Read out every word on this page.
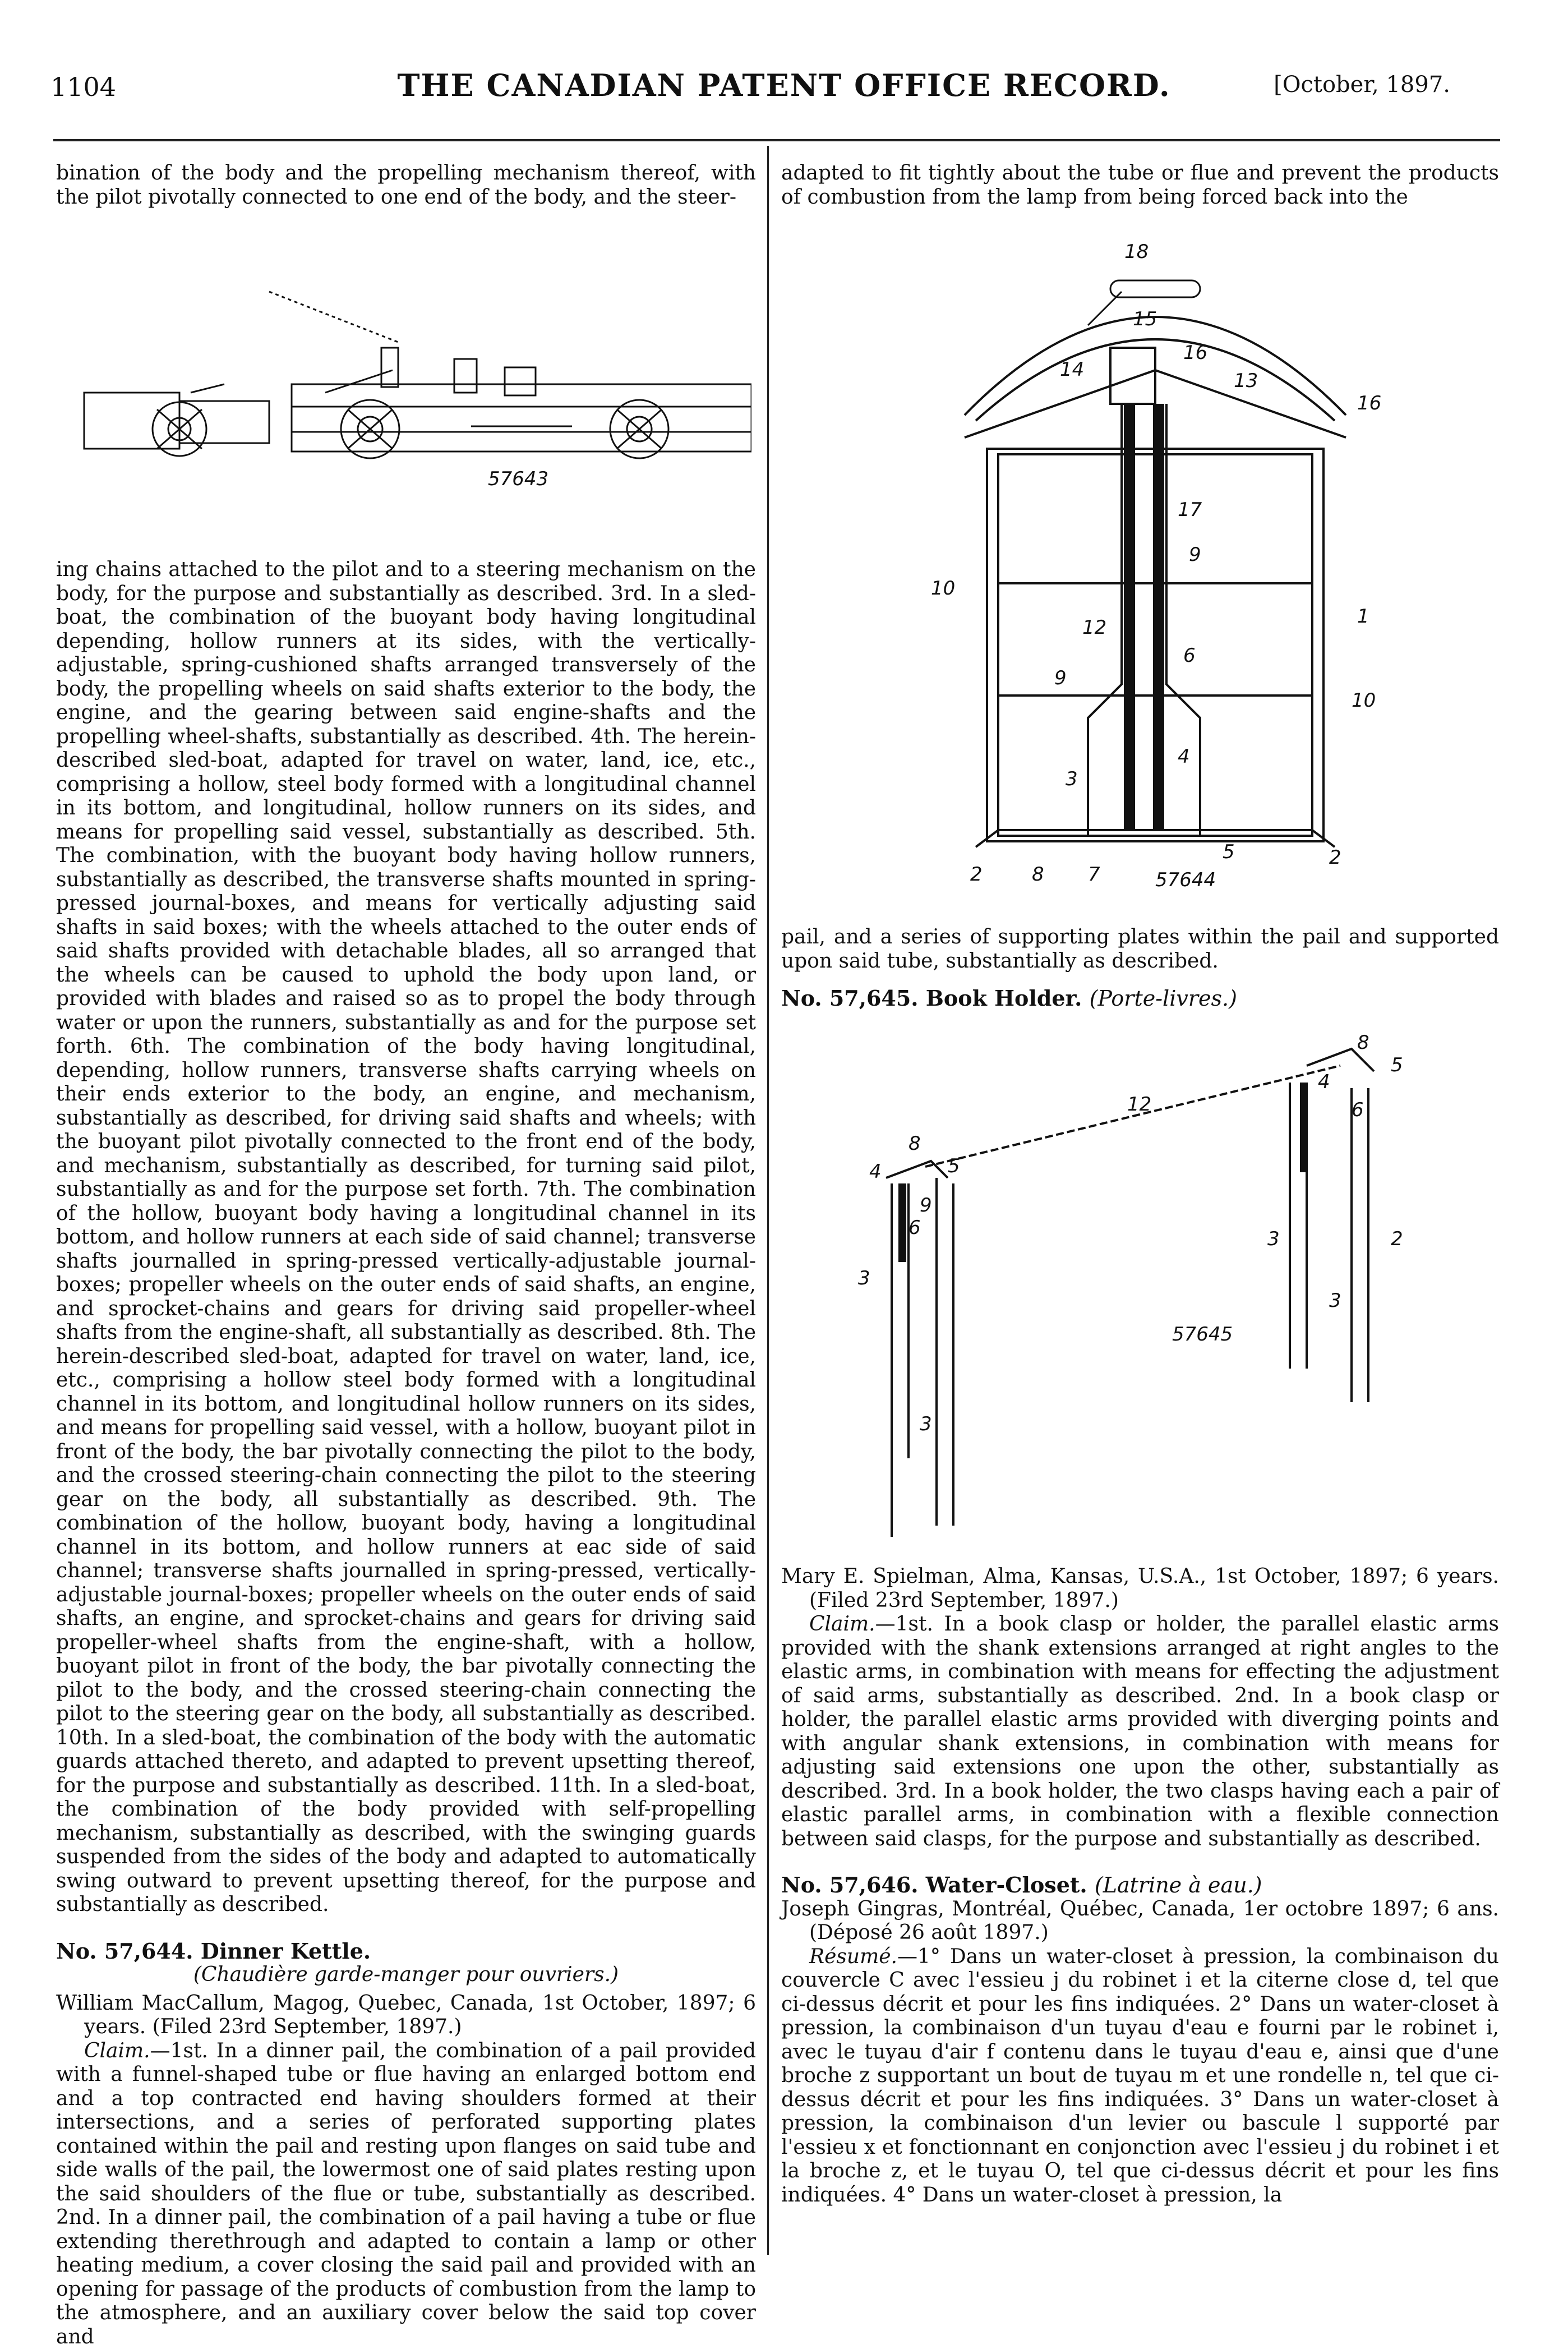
1104	THE CANADIAN PATENT OFFICE RECORD.	[October, 1897.

bination of the body and the propelling mechanism thereof, with the pilot pivotally connected to one end of the body, and the steer-

57643

ing chains attached to the pilot and to a steering mechanism on the body, for the purpose and substantially as described. 3rd. In a sled-boat, the combination of the buoyant body having longitudinal depending, hollow runners at its sides, with the vertically-adjustable, spring-cushioned shafts arranged transversely of the body, the propelling wheels on said shafts exterior to the body, the engine, and the gearing between said engine-shafts and the propelling wheel-shafts, substantially as described. 4th. The herein-described sled-boat, adapted for travel on water, land, ice, etc., comprising a hollow, steel body formed with a longitudinal channel in its bottom, and longitudinal, hollow runners on its sides, and means for propelling said vessel, substantially as described. 5th. The combination, with the buoyant body having hollow runners, substantially as described, the transverse shafts mounted in spring-pressed journal-boxes, and means for vertically adjusting said shafts in said boxes; with the wheels attached to the outer ends of said shafts provided with detachable blades, all so arranged that the wheels can be caused to uphold the body upon land, or provided with blades and raised so as to propel the body through water or upon the runners, substantially as and for the purpose set forth. 6th. The combination of the body having longitudinal, depending, hollow runners, transverse shafts carrying wheels on their ends exterior to the body, an engine, and mechanism, substantially as described, for driving said shafts and wheels; with the buoyant pilot pivotally connected to the front end of the body, and mechanism, substantially as described, for turning said pilot, substantially as and for the purpose set forth. 7th. The combination of the hollow, buoyant body having a longitudinal channel in its bottom, and hollow runners at each side of said channel; transverse shafts journalled in spring-pressed vertically-adjustable journal-boxes; propeller wheels on the outer ends of said shafts, an engine, and sprocket-chains and gears for driving said propeller-wheel shafts from the engine-shaft, all substantially as described. 8th. The herein-described sled-boat, adapted for travel on water, land, ice, etc., comprising a hollow steel body formed with a longitudinal channel in its bottom, and longitudinal hollow runners on its sides, and means for propelling said vessel, with a hollow, buoyant pilot in front of the body, the bar pivotally connecting the pilot to the body, and the crossed steering-chain connecting the pilot to the steering gear on the body, all substantially as described. 9th. The combination of the hollow, buoyant body, having a longitudinal channel in its bottom, and hollow runners at eac side of said channel; transverse shafts journalled in spring-pressed, vertically-adjustable journal-boxes; propeller wheels on the outer ends of said shafts, an engine, and sprocket-chains and gears for driving said propeller-wheel shafts from the engine-shaft, with a hollow, buoyant pilot in front of the body, the bar pivotally connecting the pilot to the body, and the crossed steering-chain connecting the pilot to the steering gear on the body, all substantially as described. 10th. In a sled-boat, the combination of the body with the automatic guards attached thereto, and adapted to prevent upsetting thereof, for the purpose and substantially as described. 11th. In a sled-boat, the combination of the body provided with self-propelling mechanism, substantially as described, with the swinging guards suspended from the sides of the body and adapted to automatically swing outward to prevent upsetting thereof, for the purpose and substantially as described.

No. 57,644. Dinner Kettle.

(Chaudière garde-manger pour ouvriers.)

William MacCallum, Magog, Quebec, Canada, 1st October, 1897; 6 years. (Filed 23rd September, 1897.)

Claim.—1st. In a dinner pail, the combination of a pail provided with a funnel-shaped tube or flue having an enlarged bottom end and a top contracted end having shoulders formed at their intersections, and a series of perforated supporting plates contained within the pail and resting upon flanges on said tube and side walls of the pail, the lowermost one of said plates resting upon the said shoulders of the flue or tube, substantially as described. 2nd. In a dinner pail, the combination of a pail having a tube or flue extending therethrough and adapted to contain a lamp or other heating medium, a cover closing the said pail and provided with an opening for passage of the products of combustion from the lamp to the atmosphere, and an auxiliary cover below the said top cover and

adapted to fit tightly about the tube or flue and prevent the products of combustion from the lamp from being forced back into the

18
15
14
16
13
16
17
9
10
1
12
6
9
10
4
3
5	2
2	8 7	57644

pail, and a series of supporting plates within the pail and supported upon said tube, substantially as described.

No. 57,645. Book Holder. (Porte-livres.)

8
5
12
4
6
8
5
4
9
6
3
3	2
3
3
57645

Mary E. Spielman, Alma, Kansas, U.S.A., 1st October, 1897; 6 years. (Filed 23rd September, 1897.)

Claim.—1st. In a book clasp or holder, the parallel elastic arms provided with the shank extensions arranged at right angles to the elastic arms, in combination with means for effecting the adjustment of said arms, substantially as described. 2nd. In a book clasp or holder, the parallel elastic arms provided with diverging points and with angular shank extensions, in combination with means for adjusting said extensions one upon the other, substantially as described. 3rd. In a book holder, the two clasps having each a pair of elastic parallel arms, in combination with a flexible connection between said clasps, for the purpose and substantially as described.

No. 57,646. Water-Closet. (Latrine à eau.)

Joseph Gingras, Montréal, Québec, Canada, 1er octobre 1897; 6 ans. (Déposé 26 août 1897.)

Résumé.—1° Dans un water-closet à pression, la combinaison du couvercle C avec l'essieu j du robinet i et la citerne close d, tel que ci-dessus décrit et pour les fins indiquées. 2° Dans un water-closet à pression, la combinaison d'un tuyau d'eau e fourni par le robinet i, avec le tuyau d'air f contenu dans le tuyau d'eau e, ainsi que d'une broche z supportant un bout de tuyau m et une rondelle n, tel que ci-dessus décrit et pour les fins indiquées. 3° Dans un water-closet à pression, la combinaison d'un levier ou bascule l supporté par l'essieu x et fonctionnant en conjonction avec l'essieu j du robinet i et la broche z, et le tuyau O, tel que ci-dessus décrit et pour les fins indiquées. 4° Dans un water-closet à pression, la
